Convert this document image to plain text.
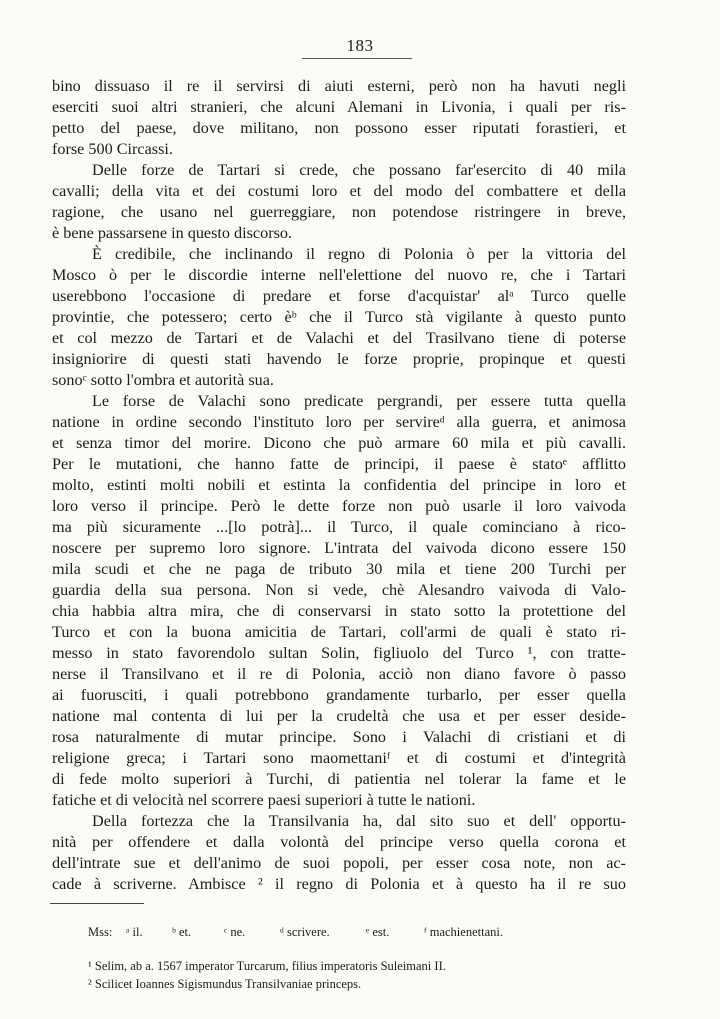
183
bino dissuaso il re il servirsi di aiuti esterni, però non ha havuti negli
eserciti suoi altri stranieri, che alcuni Alemani in Livonia, i quali per ris-
petto del paese, dove militano, non possono esser riputati forastieri, et
forse 500 Circassi.
Delle forze de Tartari si crede, che possano far'esercito di 40 mila
cavalli; della vita et dei costumi loro et del modo del combattere et della
ragione, che usano nel guerreggiare, non potendose ristringere in breve,
è bene passarsene in questo discorso.
È credibile, che inclinando il regno di Polonia ò per la vittoria del
Mosco ò per le discordie interne nell'elettione del nuovo re, che i Tartari
userebbono l'occasione di predare et forse d'acquistar' alᵃ Turco quelle
provintie, che potessero; certo èᵇ che il Turco stà vigilante à questo punto
et col mezzo de Tartari et de Valachi et del Trasilvano tiene di poterse
insigniorire di questi stati havendo le forze proprie, propinque et questi
sonoᶜ sotto l'ombra et autorità sua.
Le forse de Valachi sono predicate pergrandi, per essere tutta quella
natione in ordine secondo l'instituto loro per servireᵈ alla guerra, et animosa
et senza timor del morire. Dicono che può armare 60 mila et più cavalli.
Per le mutationi, che hanno fatte de principi, il paese è statoᵉ afflitto
molto, estinti molti nobili et estinta la confidentia del principe in loro et
loro verso il principe. Però le dette forze non può usarle il loro vaivoda
ma più sicuramente ...[lo potrà]... il Turco, il quale cominciano à rico-
noscere per supremo loro signore. L'intrata del vaivoda dicono essere 150
mila scudi et che ne paga de tributo 30 mila et tiene 200 Turchi per
guardia della sua persona. Non si vede, chè Alesandro vaivoda di Valo-
chia habbia altra mira, che di conservarsi in stato sotto la protettione del
Turco et con la buona amicitia de Tartari, coll'armi de quali è stato ri-
messo in stato favorendolo sultan Solin, figliuolo del Turco ¹, con tratte-
nerse il Transilvano et il re di Polonia, acciò non diano favore ò passo
ai fuorusciti, i quali potrebbono grandamente turbarlo, per esser quella
natione mal contenta di lui per la crudeltà che usa et per esser deside-
rosa naturalmente di mutar principe. Sono i Valachi di cristiani et di
religione greca; i Tartari sono maomettaniᶠ et di costumi et d'integrità
di fede molto superiori à Turchi, di patientia nel tolerar la fame et le
fatiche et di velocità nel scorrere paesi superiori à tutte le nationi.
Della fortezza che la Transilvania ha, dal sito suo et dell' opportu-
nità per offendere et dalla volontà del principe verso quella corona et
dell'intrate sue et dell'animo de suoi popoli, per esser cosa note, non ac-
cade à scriverne. Ambisce ² il regno di Polonia et à questo ha il re suo
Mss: ᵃ il. ᵇ et.	ᶜ ne.	ᵈ scrivere.	ᵉ est.	ᶠ machienettani.
¹ Selim, ab a. 1567 imperator Turcarum, filius imperatoris Suleimani II.
² Scilicet Ioannes Sigismundus Transilvaniae princeps.
